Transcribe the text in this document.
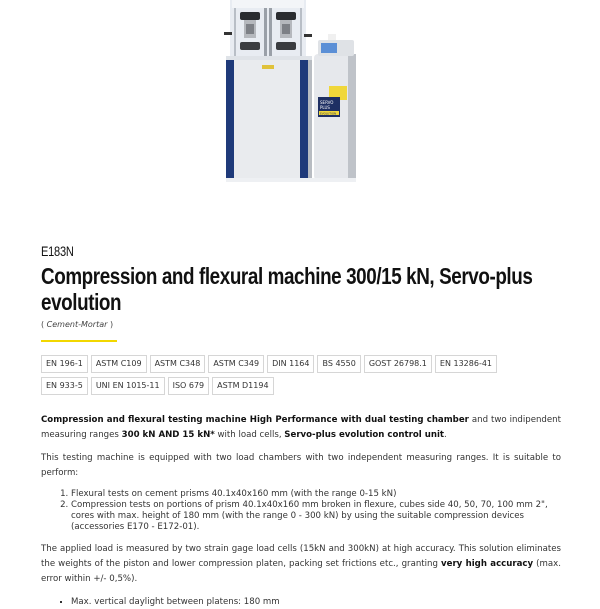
SERVO
PLUS
EVOLUTION
E183N
Compression and flexural machine 300/15 kN, Servo-plus evolution
( Cement-Mortar )
EN 196-1	ASTM C109	ASTM C348	ASTM C349	DIN 1164	BS 4550	GOST 26798.1	EN 13286-41
EN 933-5	UNI EN 1015-11	ISO 679	ASTM D1194

Compression and flexural testing machine High Performance with dual testing chamber and two indipendent measuring ranges 300 kN AND 15 kN* with load cells, Servo-plus evolution control unit.

This testing machine is equipped with two load chambers with two independent measuring ranges. It is suitable to perform:

1. Flexural tests on cement prisms 40.1x40x160 mm (with the range 0-15 kN)
2. Compression tests on portions of prism 40.1x40x160 mm broken in flexure, cubes side 40, 50, 70, 100 mm 2", cores with max. height of 180 mm (with the range 0 - 300 kN) by using the suitable compression devices (accessories E170 - E172-01).

The applied load is measured by two strain gage load cells (15kN and 300kN) at high accuracy. This solution eliminates the weights of the piston and lower compression platen, packing set frictions etc., granting very high accuracy (max. error within +/- 0,5%).

▪ Max. vertical daylight between platens: 180 mm
